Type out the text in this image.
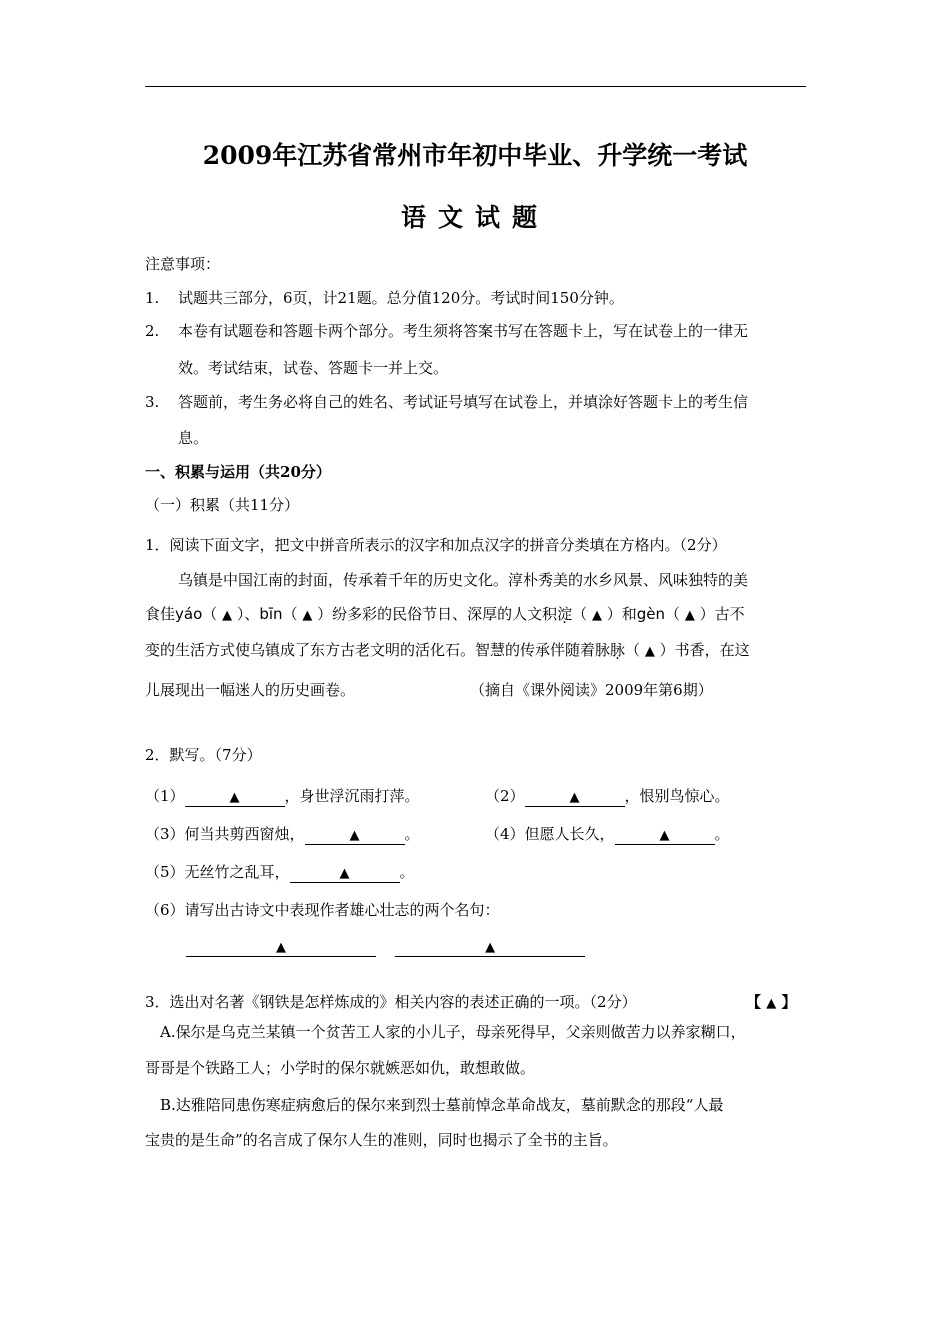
2009年江苏省常州市年初中毕业、升学统一考试
语文试题
注意事项：
1. 试题共三部分，6页，计21题。总分值120分。考试时间150分钟。
2. 本卷有试题卷和答题卡两个部分。考生须将答案书写在答题卡上，写在试卷上的一律无
效。考试结束，试卷、答题卡一并上交。
3. 答题前，考生务必将自己的姓名、考试证号填写在试卷上，并填涂好答题卡上的考生信
息。
一、积累与运用（共20分）
（一）积累（共11分）
1．阅读下面文字，把文中拼音所表示的汉字和加点汉字的拼音分类填在方格内。（2分）
乌镇是中国江南的封面，传承着千年的历史文化。淳朴秀美的水乡风景、风味独特的美
食佳yáo（ ▲ ）、bīn（ ▲ ）纷多彩的民俗节日、深厚的人文积淀（ ▲ ）和gèn（ ▲ ）古不
变的生活方式使乌镇成了东方古老文明的活化石。智慧的传承伴随着脉脉（ ▲ ）书香，在这
儿展现出一幅迷人的历史画卷。	（摘自《课外阅读》2009年第6期）
2．默写。（7分）
（1）	▲	，身世浮沉雨打萍。	（2）	▲	，恨别鸟惊心。
（3）何当共剪西窗烛，	▲	。	（4）但愿人长久，	▲	。
（5）无丝竹之乱耳，	▲	。
（6）请写出古诗文中表现作者雄心壮志的两个名句：
▲	▲
3．选出对名著《钢铁是怎样炼成的》相关内容的表述正确的一项。（2分）	【 ▲ 】
A.保尔是乌克兰某镇一个贫苦工人家的小儿子，母亲死得早，父亲则做苦力以养家糊口，
哥哥是个铁路工人；小学时的保尔就嫉恶如仇，敢想敢做。
B.达雅陪同患伤寒症病愈后的保尔来到烈士墓前悼念革命战友，墓前默念的那段“人最
宝贵的是生命”的名言成了保尔人生的准则，同时也揭示了全书的主旨。
